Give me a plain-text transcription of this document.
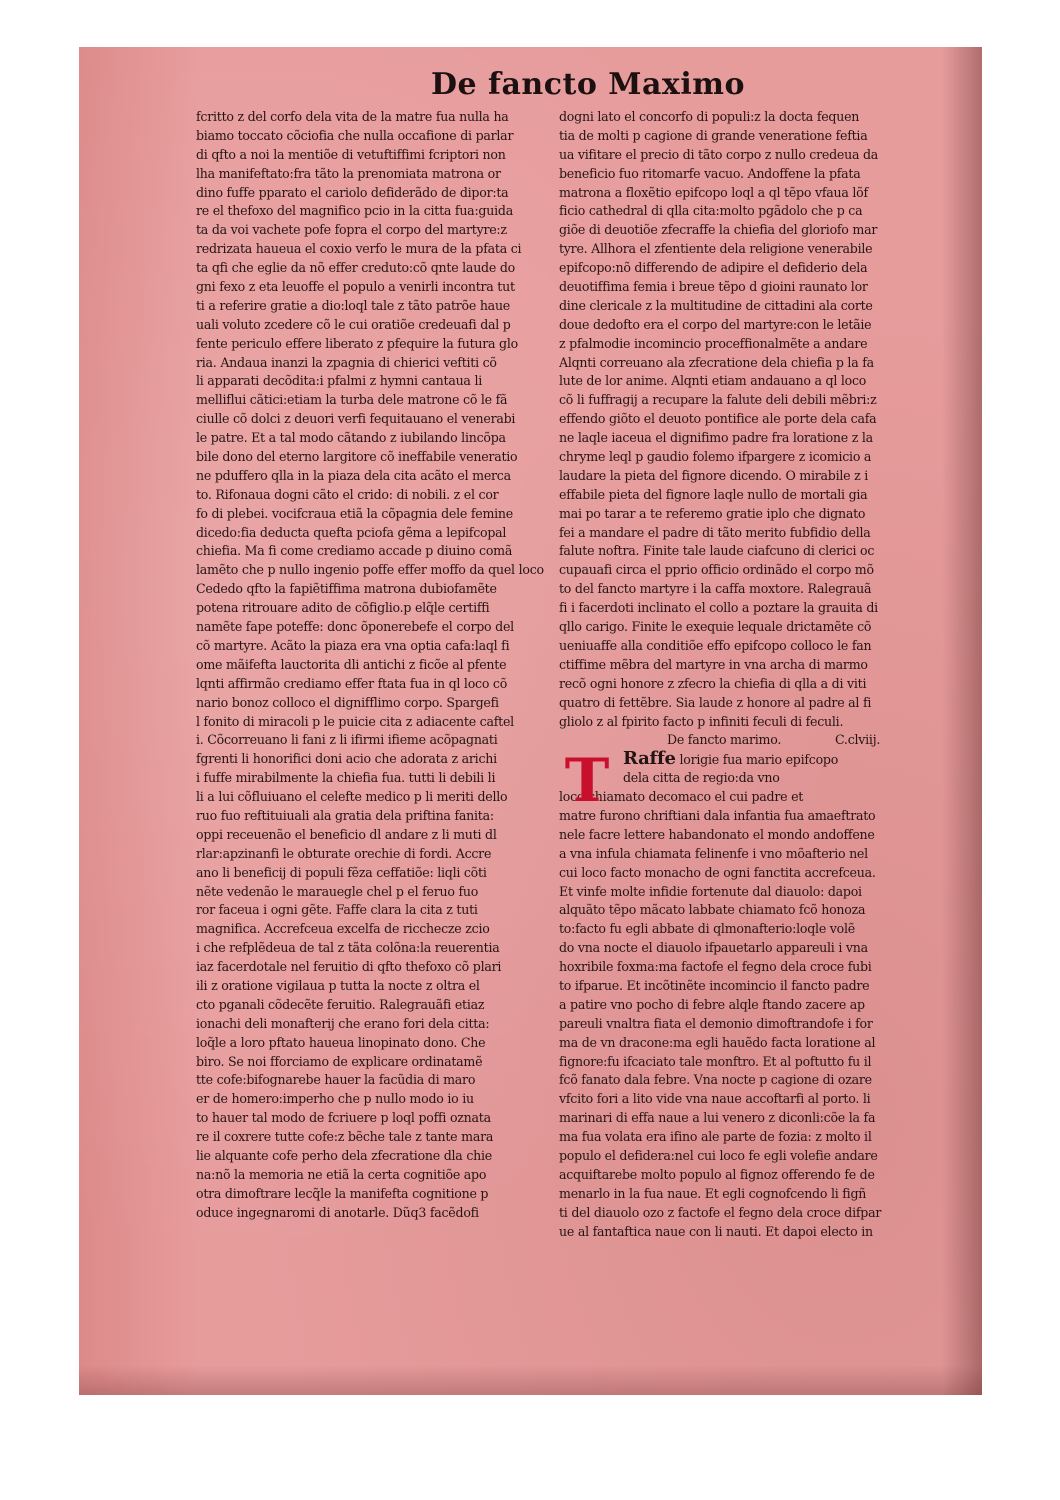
De fancto Maximo
fcritto z del corfo dela vita de la matre fua nulla ha
biamo toccato cõciofia che nulla occafione di parlar
di qfto a noi la mentiõe di vetuftiffimi fcriptori non
lha manifeftato:fra tãto la prenomiata matrona or
dino fuffe pparato el cariolo defiderãdo de dipor:ta
re el thefoxo del magnifico pcio in la citta fua:guida
ta da voi vachete pofe fopra el corpo del martyre:z
redrizata haueua el coxio verfo le mura de la pfata ci
ta qfi che eglie da nõ effer creduto:cõ qnte laude do
gni fexo z eta leuoffe el populo a venirli incontra tut
ti a referire gratie a dio:loql tale z tãto patrõe haue
uali voluto zcedere cõ le cui oratiõe credeuafi dal p
fente periculo effere liberato z pfequire la futura glo
ria. Andaua inanzi la zpagnia di chierici veftiti cõ
li apparati decõdita:i pfalmi z hymni cantaua li
melliflui cãtici:etiam la turba dele matrone cõ le fã
ciulle cõ dolci z deuori verfi fequitauano el venerabi
le patre. Et a tal modo cãtando z iubilando lincõpa
bile dono del eterno largitore cõ ineffabile veneratio
ne pduffero qlla in la piaza dela cita acãto el merca
to. Rifonaua dogni cãto el crido: di nobili. z el cor
fo di plebei. vocifcraua etiã la cõpagnia dele femine
dicedo:fia deducta quefta pciofa gẽma a lepifcopal
chiefia. Ma fi come crediamo accade p diuino comã
lamẽto che p nullo ingenio poffe effer moffo da quel loco
Cededo qfto la fapiẽtiffima matrona dubiofamẽte
potena ritrouare adito de cõfiglio.p elq̃le certiffi
namẽte fape poteffe: donc õponerebefe el corpo del
cõ martyre. Acãto la piaza era vna optia cafa:laql fi
ome mãifefta lauctorita dli antichi z ficõe al pfente
lqnti affirmão crediamo effer ftata fua in ql loco cõ
nario bonoz colloco el dignifflimo corpo. Spargefi
l fonito di miracoli p le puicie cita z adiacente caftel
i. Cõcorreuano li fani z li ifirmi ifieme acõpagnati
fgrenti li honorifici doni acio che adorata z arichi
i fuffe mirabilmente la chiefia fua. tutti li debili li
li a lui cõfluiuano el celefte medico p li meriti dello
ruo fuo reftituiuali ala gratia dela priftina fanita:
oppi receuenão el beneficio dl andare z li muti dl
rlar:apzinanfi le obturate orechie di fordi. Accre
ano li beneficij di populi fẽza ceffatiõe: liqli cõti
nẽte vedenão le marauegle chel p el feruo fuo
ror faceua i ogni gẽte. Faffe clara la cita z tuti
magnifica. Accrefceua excelfa de ricchecze zcio
i che refplẽdeua de tal z tãta colõna:la reuerentia
iaz facerdotale nel feruitio di qfto thefoxo cõ plari
ili z oratione vigilaua p tutta la nocte z oltra el
cto pganali cõdecẽte feruitio. Ralegrauãfi etiaz
ionachi deli monafterij che erano fori dela citta:
loq̃le a loro pftato haueua linopinato dono. Che
biro. Se noi fforciamo de explicare ordinatamẽ
tte cofe:bifognarebe hauer la facũdia di maro
er de homero:imperho che p nullo modo io iu
to hauer tal modo de fcriuere p loql poffi oznata
re il coxrere tutte cofe:z bẽche tale z tante mara
lie alquante cofe perho dela zfecratione dla chie
na:nõ la memoria ne etiã la certa cognitiõe apo
otra dimoftrare lecq̃le la manifefta cognitione p
oduce ingegnaromi di anotarle. Dũq3 facẽdofi
dogni lato el concorfo di populi:z la docta fequen
tia de molti p cagione di grande veneratione feftia
ua vifitare el precio di tãto corpo z nullo credeua da
beneficio fuo ritomarfe vacuo. Andoffene la pfata
matrona a floxẽtio epifcopo loql a ql tẽpo vfaua lõf
ficio cathedral di qlla cita:molto pgãdolo che p ca
giõe di deuotiõe zfecraffe la chiefia del gloriofo mar
tyre. Allhora el zfentiente dela religione venerabile
epifcopo:nõ differendo de adipire el defiderio dela
deuotiffima femia i breue tẽpo d gioini raunato lor
dine clericale z la multitudine de cittadini ala corte
doue dedofto era el corpo del martyre:con le letãie
z pfalmodie incomincio proceffionalmẽte a andare
Alqnti correuano ala zfecratione dela chiefia p la fa
lute de lor anime. Alqnti etiam andauano a ql loco
cõ li fuffragij a recupare la falute deli debili mẽbri:z
effendo giõto el deuoto pontifice ale porte dela cafa
ne laqle iaceua el dignifimo padre fra loratione z la
chryme leql p gaudio folemo ifpargere z icomicio a
laudare la pieta del fignore dicendo. O mirabile z i
effabile pieta del fignore laqle nullo de mortali gia
mai po tarar a te referemo gratie iplo che dignato
fei a mandare el padre di tãto merito fubfidio della
falute noftra. Finite tale laude ciafcuno di clerici oc
cupauafi circa el pprio officio ordinãdo el corpo mõ
to del fancto martyre i la caffa moxtore. Ralegrauã
fi i facerdoti inclinato el collo a poztare la grauita di
qllo carigo. Finite le exequie lequale drictamẽte cõ
ueniuaffe alla conditiõe effo epifcopo colloco le fan
ctiffime mẽbra del martyre in vna archa di marmo
recõ ogni honore z zfecro la chiefia di qlla a di viti
quatro di fettẽbre. Sia laude z honore al padre al fi
gliolo z al fpirito facto p infiniti feculi di feculi.
De fancto marimo.	C.clviij.
T Raffe lorigie fua mario epifcopo
dela citta de regio:da vno
loco chiamato decomaco el cui padre et
matre furono chriftiani dala infantia fua amaeftrato
nele facre lettere habandonato el mondo andoffene
a vna infula chiamata felinenfe i vno mõafterio nel
cui loco facto monacho de ogni fanctita accrefceua.
Et vinfe molte infidie fortenute dal diauolo: dapoi
alquãto tẽpo mãcato labbate chiamato fcõ honoza
to:facto fu egli abbate di qlmonafterio:loqle volẽ
do vna nocte el diauolo ifpauetarlo appareuli i vna
hoxribile foxma:ma factofe el fegno dela croce fubi
to ifparue. Et incõtinẽte incomincio il fancto padre
a patire vno pocho di febre alqle ftando zacere ap
pareuli vnaltra fiata el demonio dimoftrandofe i for
ma de vn dracone:ma egli hauẽdo facta loratione al
fignore:fu ifcaciato tale monftro. Et al poftutto fu il
fcõ fanato dala febre. Vna nocte p cagione di ozare
vfcito fori a lito vide vna naue accoftarfi al porto. li
marinari di effa naue a lui venero z diconli:cõe la fa
ma fua volata era ifino ale parte de fozia: z molto il
populo el defidera:nel cui loco fe egli volefie andare
acquiftarebe molto populo al fignoz offerendo fe de
menarlo in la fua naue. Et egli cognofcendo li figñ
ti del diauolo ozo z factofe el fegno dela croce difpar
ue al fantaftica naue con li nauti. Et dapoi electo in
